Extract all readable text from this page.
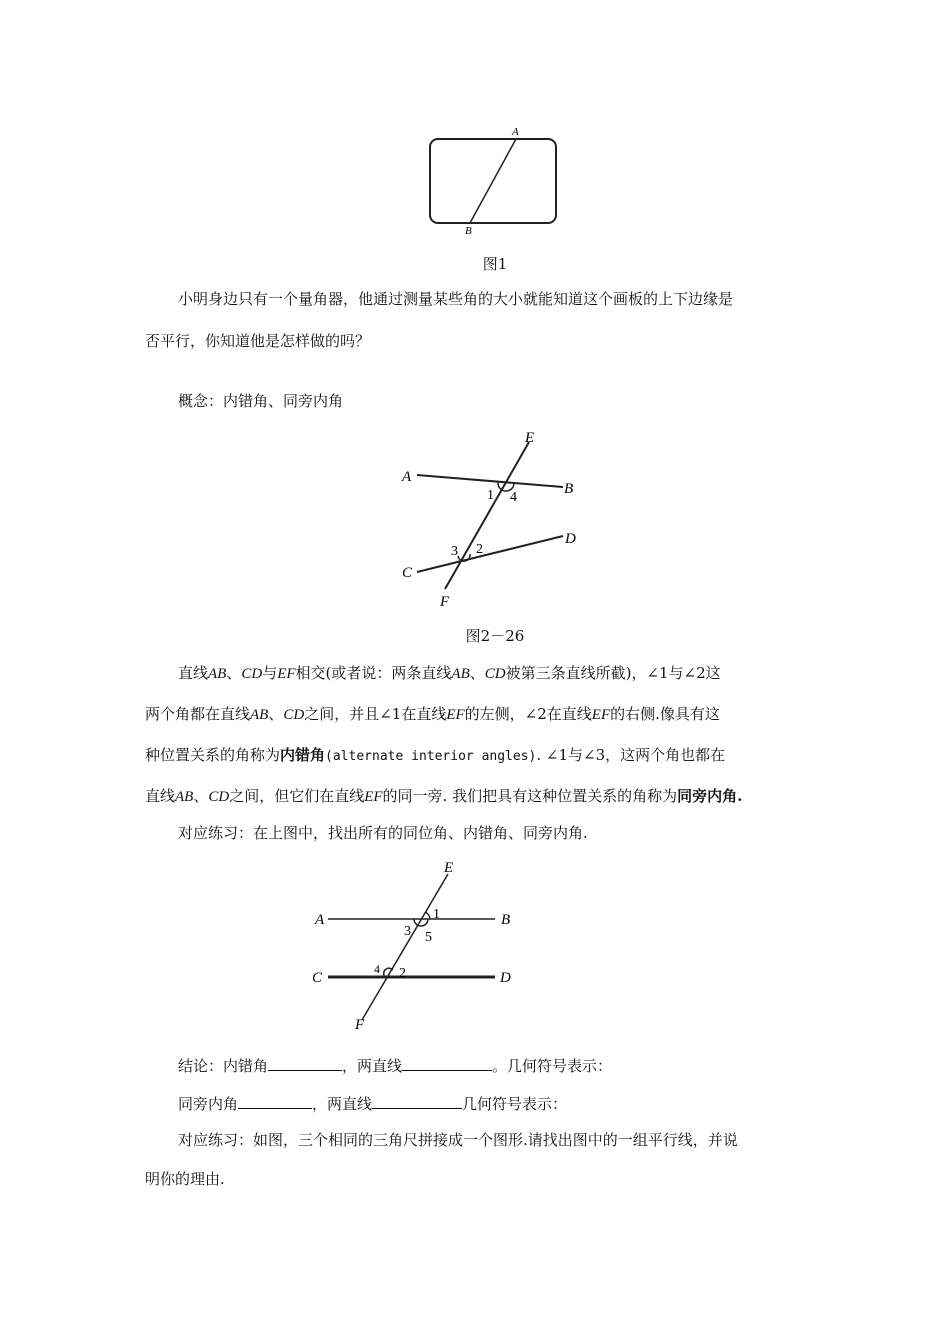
A
B
图1
小明身边只有一个量角器，他通过测量某些角的大小就能知道这个画板的上下边缘是
否平行，你知道他是怎样做的吗？
概念：内错角、同旁内角
A
B
C
D
E
F
1 4
3 2
图2－26
直线AB、CD与EF相交(或者说：两条直线AB、CD被第三条直线所截)，∠1与∠2这
两个角都在直线AB、CD之间，并且∠1在直线EF的左侧，∠2在直线EF的右侧.像具有这
种位置关系的角称为内错角(alternate interior angles). ∠1与∠3，这两个角也都在
直线AB、CD之间，但它们在直线EF的同一旁. 我们把具有这种位置关系的角称为同旁内角.
对应练习：在上图中，找出所有的同位角、内错角、同旁内角.
A	B
C	D
E
F
1
3 5
4 2
结论：内错角	，两直线	。几何符号表示：
同旁内角	，两直线	几何符号表示：
对应练习：如图，三个相同的三角尺拼接成一个图形.请找出图中的一组平行线，并说
明你的理由.
